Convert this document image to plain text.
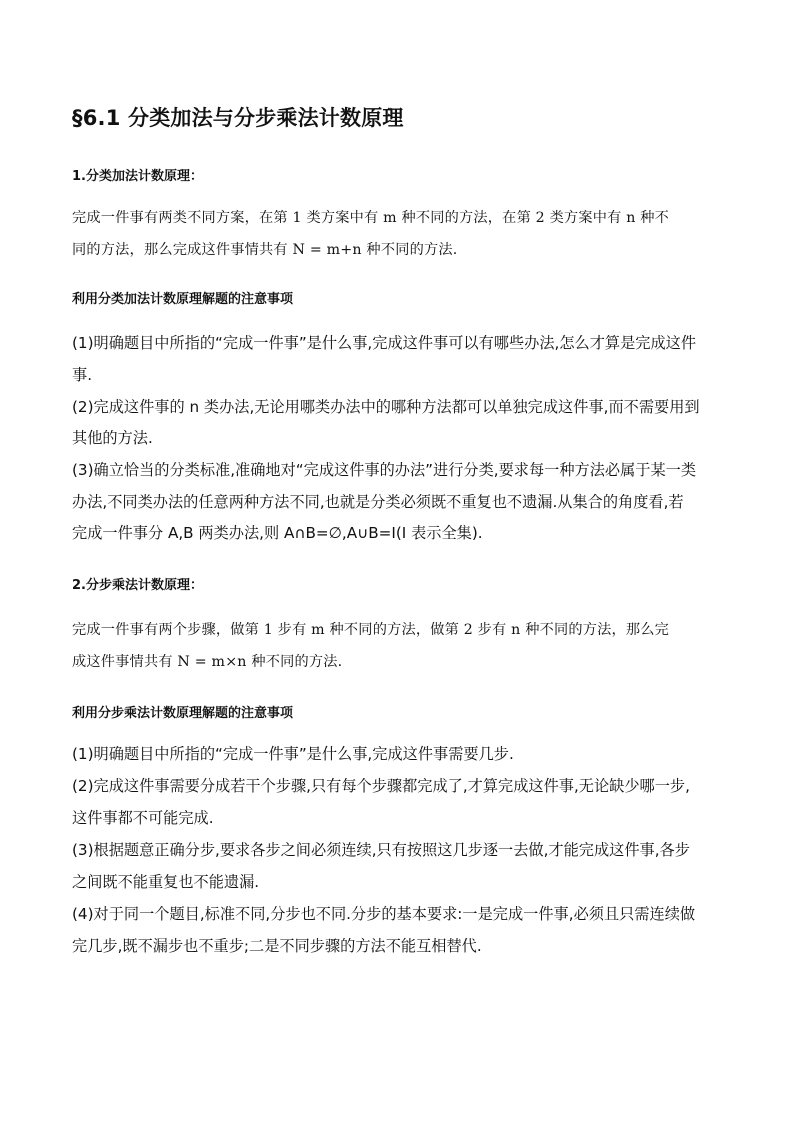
§6.1 分类加法与分步乘法计数原理
1.分类加法计数原理：
完成一件事有两类不同方案，在第 1 类方案中有 m 种不同的方法，在第 2 类方案中有 n 种不
同的方法，那么完成这件事情共有 N = m+n 种不同的方法.
利用分类加法计数原理解题的注意事项
(1)明确题目中所指的“完成一件事”是什么事,完成这件事可以有哪些办法,怎么才算是完成这件
事.
(2)完成这件事的 n 类办法,无论用哪类办法中的哪种方法都可以单独完成这件事,而不需要用到
其他的方法.
(3)确立恰当的分类标准,准确地对“完成这件事的办法”进行分类,要求每一种方法必属于某一类
办法,不同类办法的任意两种方法不同,也就是分类必须既不重复也不遗漏.从集合的角度看,若
完成一件事分 A,B 两类办法,则 A∩B=∅,A∪B=I(I 表示全集).
2.分步乘法计数原理：
完成一件事有两个步骤，做第 1 步有 m 种不同的方法，做第 2 步有 n 种不同的方法，那么完
成这件事情共有 N = m×n 种不同的方法.
利用分步乘法计数原理解题的注意事项
(1)明确题目中所指的“完成一件事”是什么事,完成这件事需要几步.
(2)完成这件事需要分成若干个步骤,只有每个步骤都完成了,才算完成这件事,无论缺少哪一步,
这件事都不可能完成.
(3)根据题意正确分步,要求各步之间必须连续,只有按照这几步逐一去做,才能完成这件事,各步
之间既不能重复也不能遗漏.
(4)对于同一个题目,标准不同,分步也不同.分步的基本要求:一是完成一件事,必须且只需连续做
完几步,既不漏步也不重步;二是不同步骤的方法不能互相替代.
